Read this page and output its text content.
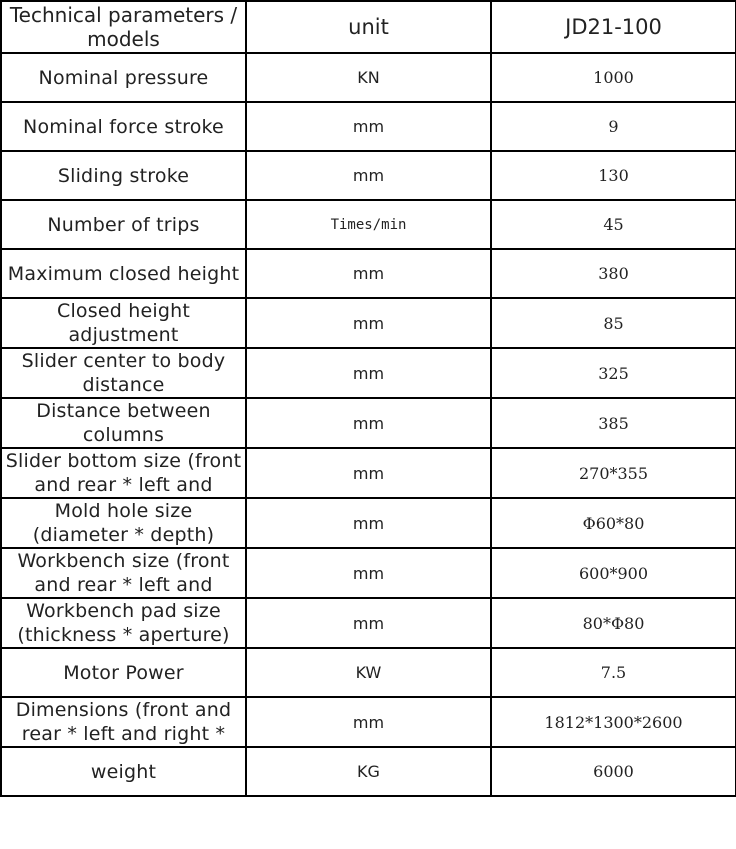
Technical parameters / models	unit	JD21-100

Nominal pressure	KN	1000

Nominal force stroke	mm	9

Sliding stroke	mm	130

Number of trips	Times/min	45

Maximum closed height	mm	380

Closed height adjustment	mm	85

Slider center to body distance	mm	325

Distance between columns	mm	385

Slider bottom size (front and rear * left and	mm	270*355

Mold hole size (diameter * depth)	mm	Φ60*80

Workbench size (front and rear * left and	mm	600*900

Workbench pad size (thickness * aperture)	mm	80*Φ80

Motor Power	KW	7.5

Dimensions (front and rear * left and right *	mm	1812*1300*2600

weight	KG	6000
